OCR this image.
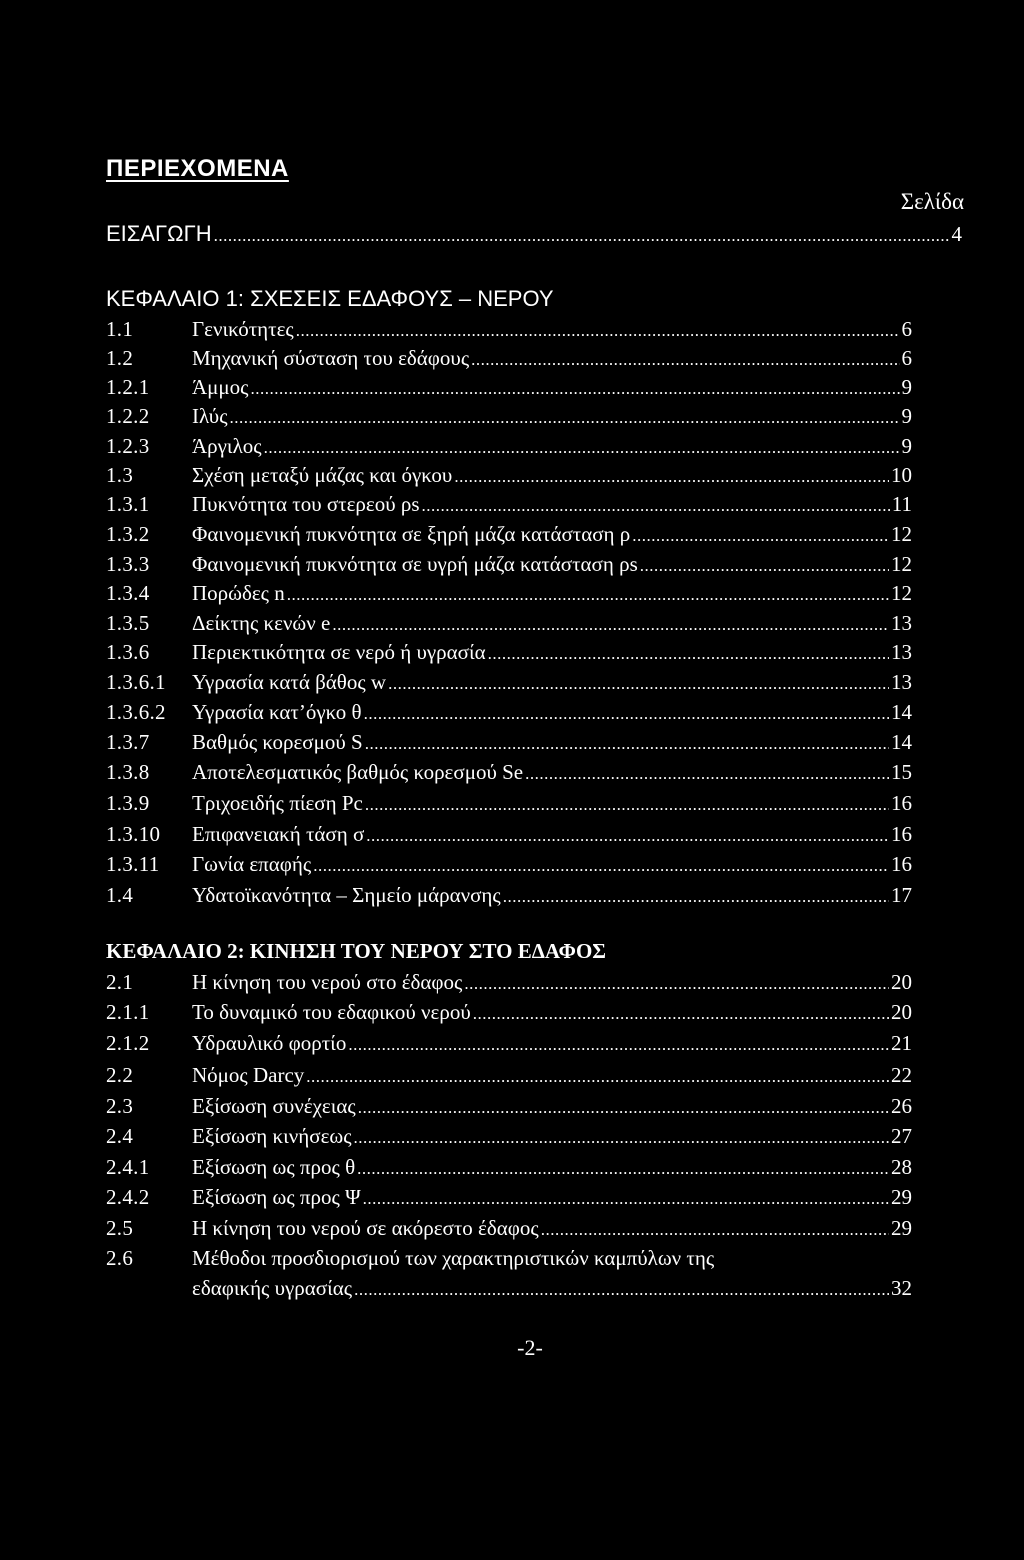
ΠΕΡΙΕΧΟΜΕΝΑ
Σελίδα
ΕΙΣΑΓΩΓΗ .....	4
ΚΕΦΑΛΑΙΟ 1: ΣΧΕΣΕΙΣ ΕΔΑΦΟΥΣ – ΝΕΡΟΥ
1.1	Γενικότητες .....	6
1.2	Μηχανική σύσταση του εδάφους .....	6
1.2.1	Άμμος .....	9
1.2.2	Ιλύς .....	9
1.2.3	Άργιλος .....	9
1.3	Σχέση μεταξύ μάζας και όγκου .....	10
1.3.1	Πυκνότητα του στερεού ρs .....	11
1.3.2	Φαινομενική πυκνότητα σε ξηρή μάζα κατάσταση ρ .....	12
1.3.3	Φαινομενική πυκνότητα σε υγρή μάζα κατάσταση ρs .....	12
1.3.4	Πορώδες n .....	12
1.3.5	Δείκτης κενών e .....	13
1.3.6	Περιεκτικότητα σε νερό ή υγρασία .....	13
1.3.6.1	Υγρασία κατά βάθος w .....	13
1.3.6.2	Υγρασία κατ’όγκο θ .....	14
1.3.7	Βαθμός κορεσμού S .....	14
1.3.8	Αποτελεσματικός βαθμός κορεσμού Se .....	15
1.3.9	Τριχοειδής πίεση Pc .....	16
1.3.10	Επιφανειακή τάση σ .....	16
1.3.11	Γωνία επαφής .....	16
1.4	Υδατοϊκανότητα – Σημείο μάρανσης .....	17
ΚΕΦΑΛΑΙΟ 2: ΚΙΝΗΣΗ ΤΟΥ ΝΕΡΟΥ ΣΤΟ ΕΔΑΦΟΣ
2.1	Η κίνηση του νερού στο έδαφος .....	20
2.1.1	Το δυναμικό του εδαφικού νερού .....	20
2.1.2	Υδραυλικό φορτίο .....	21
2.2	Νόμος Darcy .....	22
2.3	Εξίσωση συνέχειας .....	26
2.4	Εξίσωση κινήσεως .....	27
2.4.1	Εξίσωση ως προς θ .....	28
2.4.2	Εξίσωση ως προς Ψ .....	29
2.5	Η κίνηση του νερού σε ακόρεστο έδαφος .....	29
2.6	Μέθοδοι προσδιορισμού των χαρακτηριστικών καμπύλων της
εδαφικής υγρασίας .....	32
-2-
